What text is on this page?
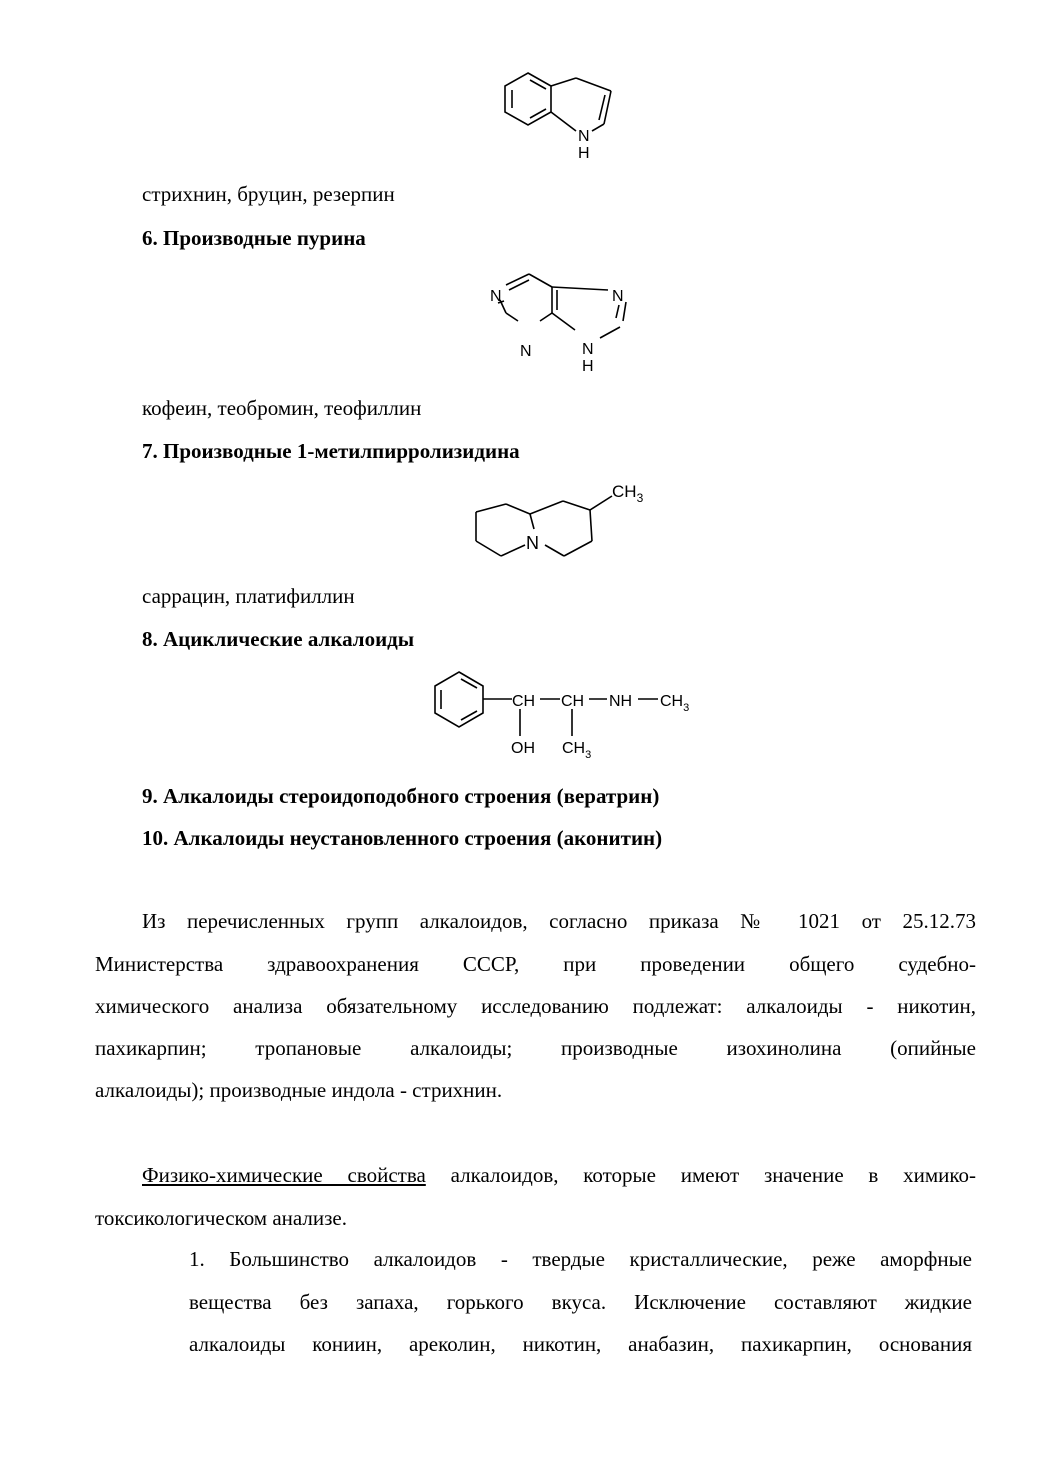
N
H
стрихнин, бруцин, резерпин
6. Производные пурина
N
N
N
N
H
кофеин, теобромин, теофиллин
7. Производные 1-метилпирролизидина
N
$CH_3$
саррацин, платифиллин
8. Ациклические алкалоиды
CH CH NH $CH_3$
OH $CH_3$
9. Алкалоиды стероидоподобного строения (вератрин)
10. Алкалоиды неустановленного строения (аконитин)
Из перечисленных групп алкалоидов, согласно приказа № 1021 от 25.12.73
Министерства здравоохранения СССР, при проведении общего судебно-
химического анализа обязательному исследованию подлежат: алкалоиды - никотин,
пахикарпин; тропановые алкалоиды; производные изохинолина (опийные
алкалоиды); производные индола - стрихнин.
Физико-химические свойства алкалоидов, которые имеют значение в химико-
токсикологическом анализе.
1. Большинство алкалоидов - твердые кристаллические, реже аморфные
вещества без запаха, горького вкуса. Исключение составляют жидкие
алкалоиды кониин, ареколин, никотин, анабазин, пахикарпин, основания
